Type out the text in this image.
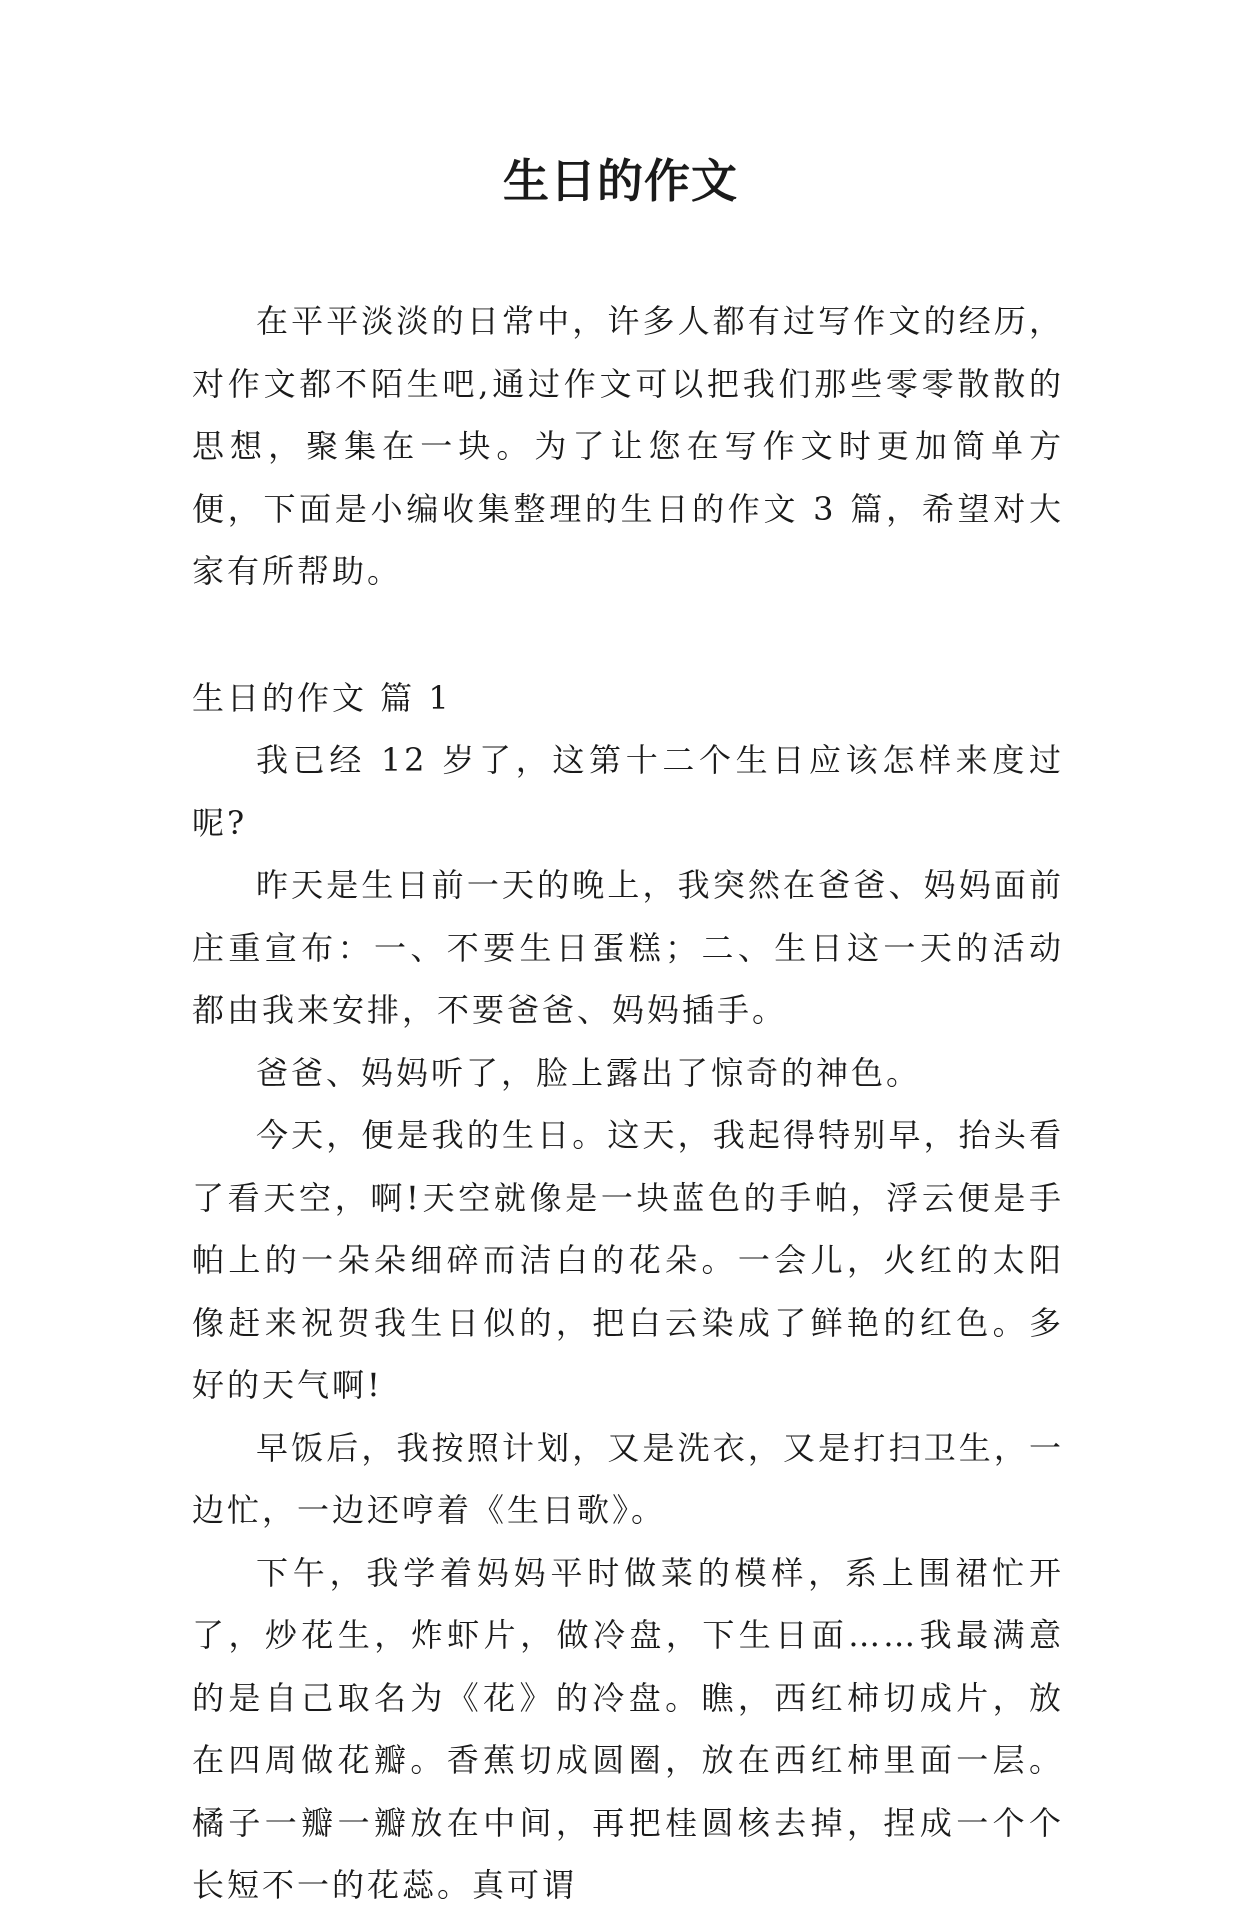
生日的作文

在平平淡淡的日常中，许多人都有过写作文的经历，对作文都不陌生吧,通过作文可以把我们那些零零散散的思想，聚集在一块。为了让您在写作文时更加简单方便，下面是小编收集整理的生日的作文 3 篇，希望对大家有所帮助。

生日的作文 篇 1

我已经 12 岁了，这第十二个生日应该怎样来度过呢?

昨天是生日前一天的晚上，我突然在爸爸、妈妈面前庄重宣布：一、不要生日蛋糕；二、生日这一天的活动都由我来安排，不要爸爸、妈妈插手。

爸爸、妈妈听了，脸上露出了惊奇的神色。

今天，便是我的生日。这天，我起得特别早，抬头看了看天空，啊!天空就像是一块蓝色的手帕，浮云便是手帕上的一朵朵细碎而洁白的花朵。一会儿，火红的太阳像赶来祝贺我生日似的，把白云染成了鲜艳的红色。多好的天气啊!

早饭后，我按照计划，又是洗衣，又是打扫卫生，一边忙，一边还哼着《生日歌》。

下午，我学着妈妈平时做菜的模样，系上围裙忙开了，炒花生，炸虾片，做冷盘，下生日面……我最满意的是自己取名为《花》的冷盘。瞧，西红柿切成片，放在四周做花瓣。香蕉切成圆圈，放在西红柿里面一层。橘子一瓣一瓣放在中间，再把桂圆核去掉，捏成一个个长短不一的花蕊。真可谓
